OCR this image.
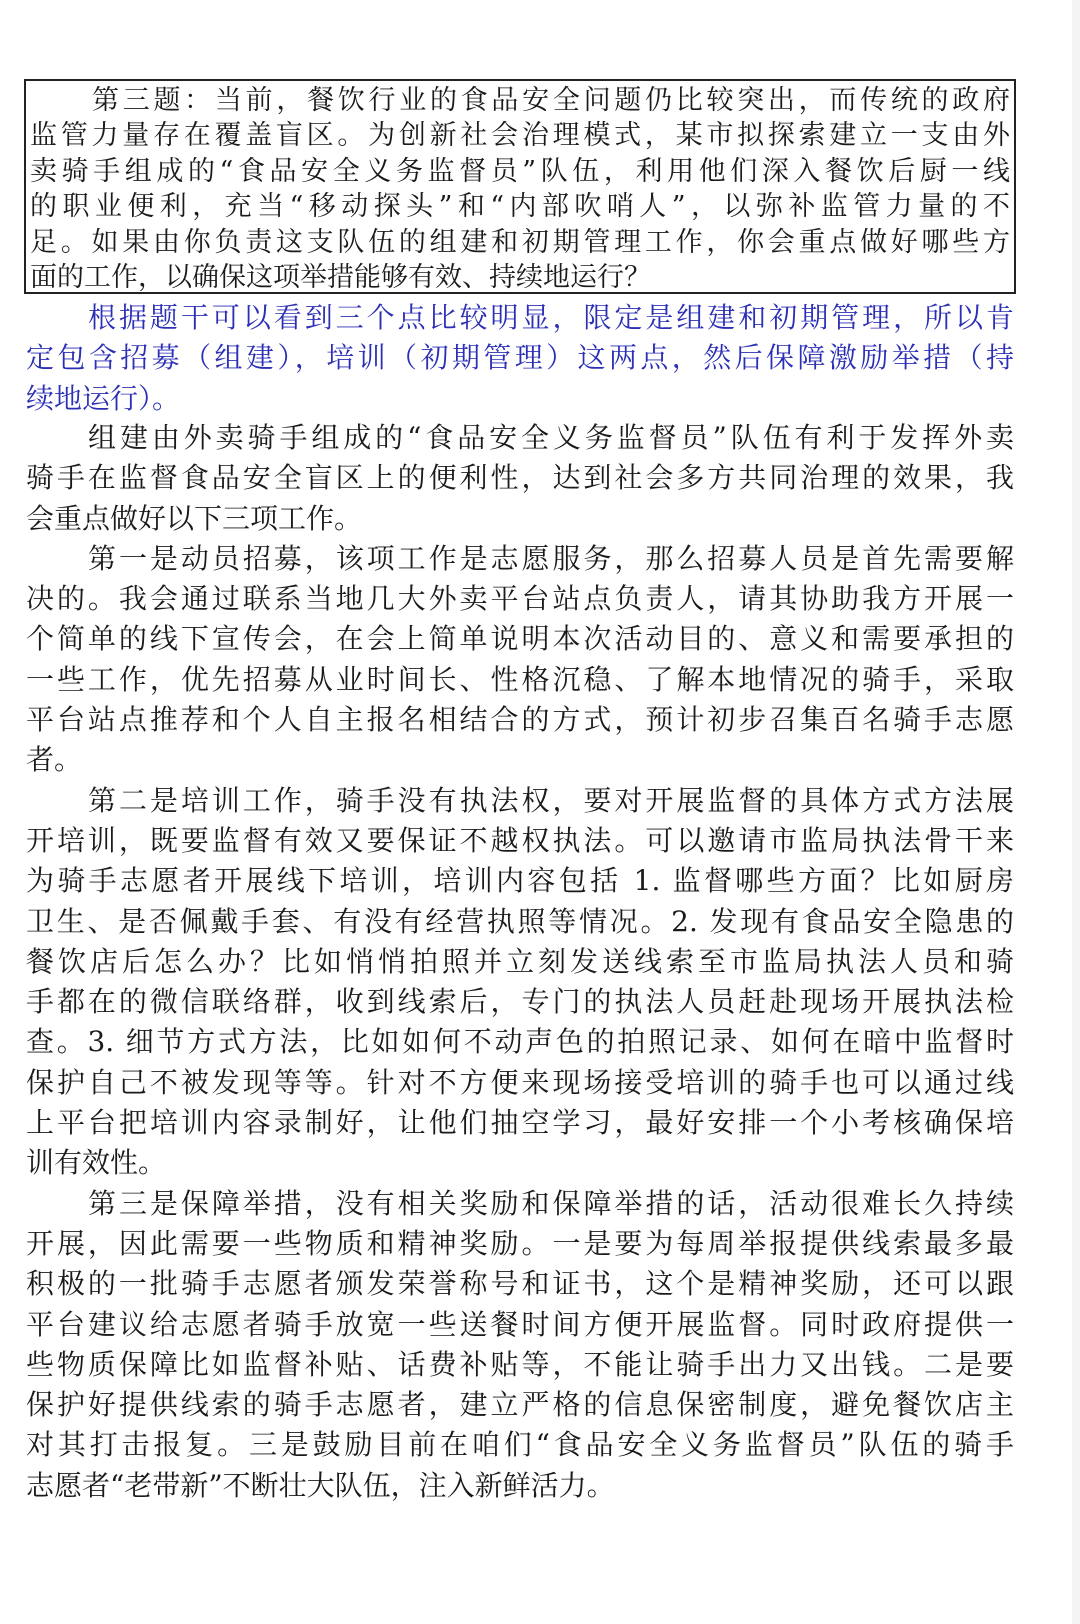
第三题：当前，餐饮行业的食品安全问题仍比较突出，而传统的政府
监管力量存在覆盖盲区。为创新社会治理模式，某市拟探索建立一支由外
卖骑手组成的“食品安全义务监督员”队伍，利用他们深入餐饮后厨一线
的职业便利，充当“移动探头”和“内部吹哨人”，以弥补监管力量的不
足。如果由你负责这支队伍的组建和初期管理工作，你会重点做好哪些方
面的工作，以确保这项举措能够有效、持续地运行？
根据题干可以看到三个点比较明显，限定是组建和初期管理，所以肯
定包含招募（组建），培训（初期管理）这两点，然后保障激励举措（持
续地运行）。
组建由外卖骑手组成的“食品安全义务监督员”队伍有利于发挥外卖
骑手在监督食品安全盲区上的便利性，达到社会多方共同治理的效果，我
会重点做好以下三项工作。
第一是动员招募，该项工作是志愿服务，那么招募人员是首先需要解
决的。我会通过联系当地几大外卖平台站点负责人，请其协助我方开展一
个简单的线下宣传会，在会上简单说明本次活动目的、意义和需要承担的
一些工作，优先招募从业时间长、性格沉稳、了解本地情况的骑手，采取
平台站点推荐和个人自主报名相结合的方式，预计初步召集百名骑手志愿
者。
第二是培训工作，骑手没有执法权，要对开展监督的具体方式方法展
开培训，既要监督有效又要保证不越权执法。可以邀请市监局执法骨干来
为骑手志愿者开展线下培训，培训内容包括 1. 监督哪些方面？比如厨房
卫生、是否佩戴手套、有没有经营执照等情况。2. 发现有食品安全隐患的
餐饮店后怎么办？比如悄悄拍照并立刻发送线索至市监局执法人员和骑
手都在的微信联络群，收到线索后，专门的执法人员赶赴现场开展执法检
查。3. 细节方式方法，比如如何不动声色的拍照记录、如何在暗中监督时
保护自己不被发现等等。针对不方便来现场接受培训的骑手也可以通过线
上平台把培训内容录制好，让他们抽空学习，最好安排一个小考核确保培
训有效性。
第三是保障举措，没有相关奖励和保障举措的话，活动很难长久持续
开展，因此需要一些物质和精神奖励。一是要为每周举报提供线索最多最
积极的一批骑手志愿者颁发荣誉称号和证书，这个是精神奖励，还可以跟
平台建议给志愿者骑手放宽一些送餐时间方便开展监督。同时政府提供一
些物质保障比如监督补贴、话费补贴等，不能让骑手出力又出钱。二是要
保护好提供线索的骑手志愿者，建立严格的信息保密制度，避免餐饮店主
对其打击报复。三是鼓励目前在咱们“食品安全义务监督员”队伍的骑手
志愿者“老带新”不断壮大队伍，注入新鲜活力。
